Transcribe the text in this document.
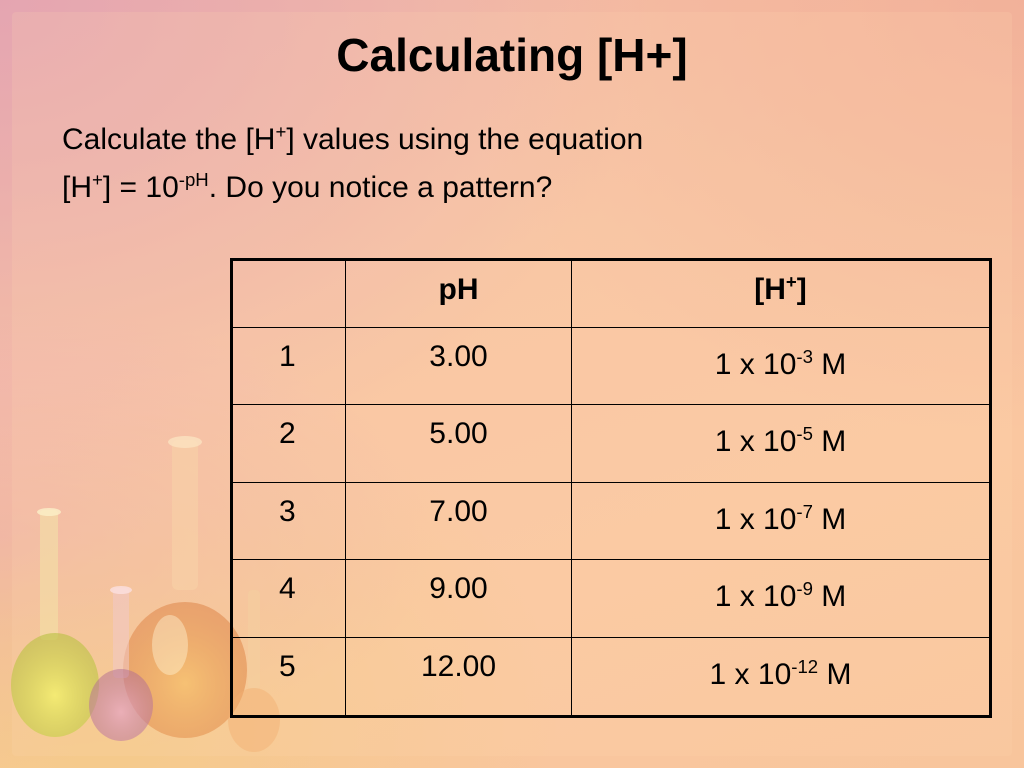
Calculating [H+]
Calculate the [H+] values using the equation
$[H^+] = 10^{-pH}$. Do you notice a pattern?
	pH	[H+]
1	3.00	1 x $10^{-3}$ M
2	5.00	1 x $10^{-5}$ M
3	7.00	1 x $10^{-7}$ M
4	9.00	1 x $10^{-9}$ M
5	12.00	1 x $10^{-12}$ M
